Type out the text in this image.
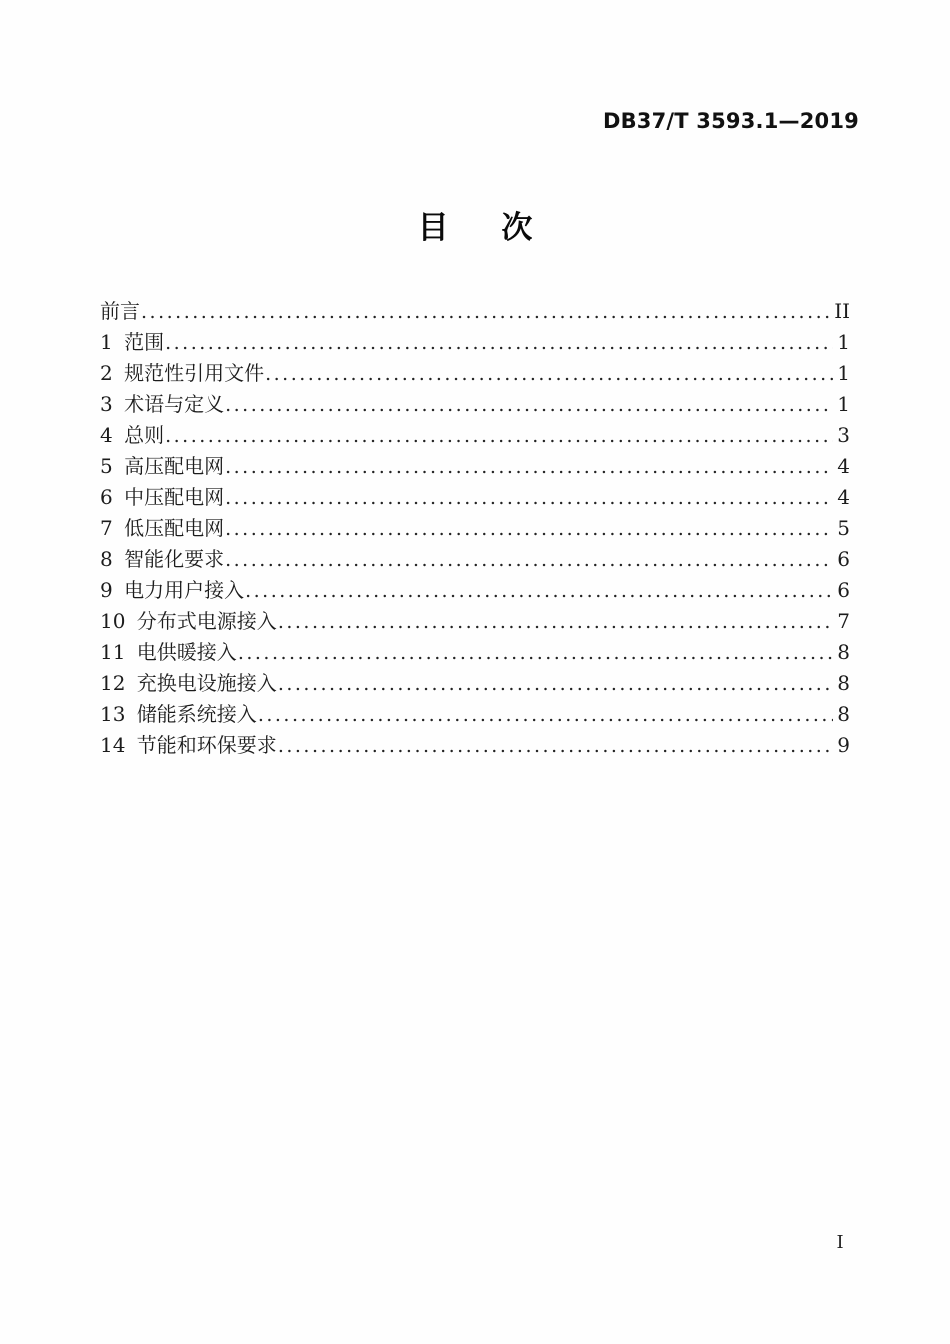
DB37/T 3593.1—2019
目 次
前言 .....	II
1 范围 .....	1
2 规范性引用文件 .....	1
3 术语与定义 .....	1
4 总则 .....	3
5 高压配电网 .....	4
6 中压配电网 .....	4
7 低压配电网 .....	5
8 智能化要求 .....	6
9 电力用户接入 .....	6
10 分布式电源接入 .....	7
11 电供暖接入 .....	8
12 充换电设施接入 .....	8
13 储能系统接入 .....	8
14 节能和环保要求 .....	9
I
